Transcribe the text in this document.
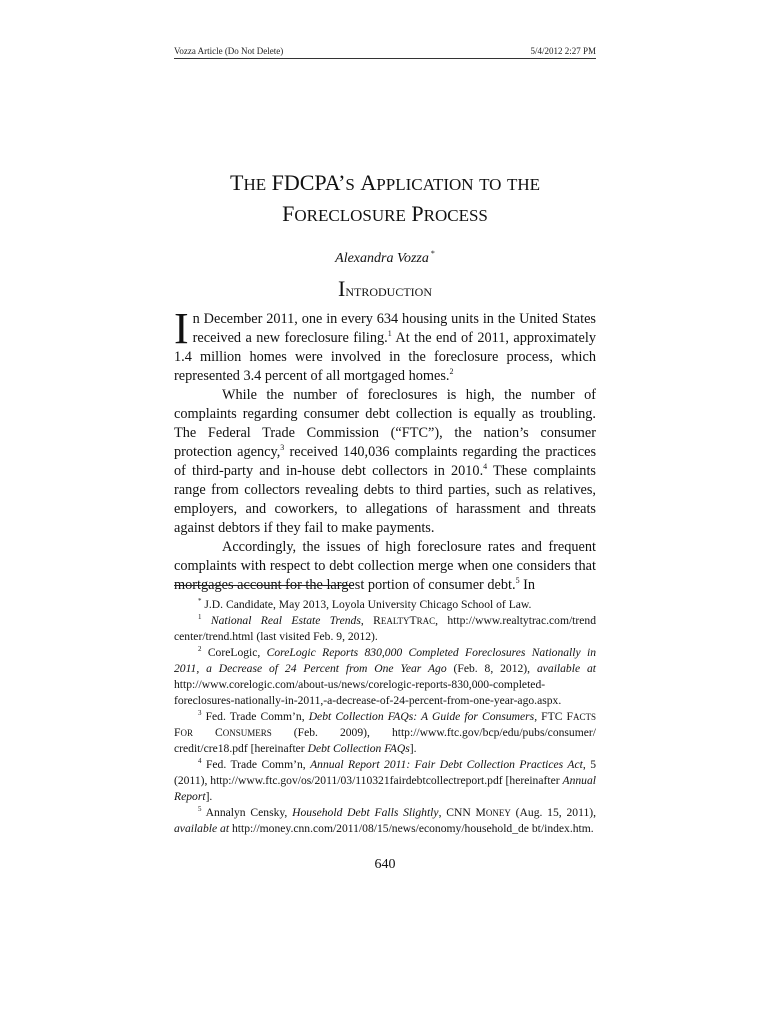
Vozza Article (Do Not Delete)	5/4/2012 2:27 PM
THE FDCPA’S APPLICATION TO THE
FORECLOSURE PROCESS
Alexandra Vozza *
INTRODUCTION

In December 2011, one in every 634 housing units in the United States received a new foreclosure filing.$^1$ At the end of 2011, approximately 1.4 million homes were involved in the foreclosure process, which represented 3.4 percent of all mortgaged homes.$^2$

While the number of foreclosures is high, the number of complaints regarding consumer debt collection is equally as troubling. The Federal Trade Commission (“FTC”), the nation’s consumer protection agency,$^3$ received 140,036 complaints regarding the practices of third-party and in-house debt collectors in 2010.$^4$ These complaints range from collectors revealing debts to third parties, such as relatives, employers, and coworkers, to allegations of harassment and threats against debtors if they fail to make payments.

Accordingly, the issues of high foreclosure rates and frequent complaints with respect to debt collection merge when one considers that mortgages account for the largest portion of consumer debt.$^5$ In

* J.D. Candidate, May 2013, Loyola University Chicago School of Law.

$^1$ National Real Estate Trends, REALTYTRAC, http://www.realtytrac.com/trend center/trend.html (last visited Feb. 9, 2012).

$^2$ CoreLogic, CoreLogic Reports 830,000 Completed Foreclosures Nationally in 2011, a Decrease of 24 Percent from One Year Ago (Feb. 8, 2012), available at http://www.corelogic.com/about-us/news/corelogic-reports-830,000-completed-foreclosures-nationally-in-2011,-a-decrease-of-24-percent-from-one-year-ago.aspx.

$^3$ Fed. Trade Comm’n, Debt Collection FAQs: A Guide for Consumers, FTC FACTS FOR CONSUMERS (Feb. 2009), http://www.ftc.gov/bcp/edu/pubs/consumer/ credit/cre18.pdf [hereinafter Debt Collection FAQs].

$^4$ Fed. Trade Comm’n, Annual Report 2011: Fair Debt Collection Practices Act, 5 (2011), http://www.ftc.gov/os/2011/03/110321fairdebtcollectreport.pdf [hereinafter Annual Report].

$^5$ Annalyn Censky, Household Debt Falls Slightly, CNN MONEY (Aug. 15, 2011), available at http://money.cnn.com/2011/08/15/news/economy/household_de bt/index.htm.

640
